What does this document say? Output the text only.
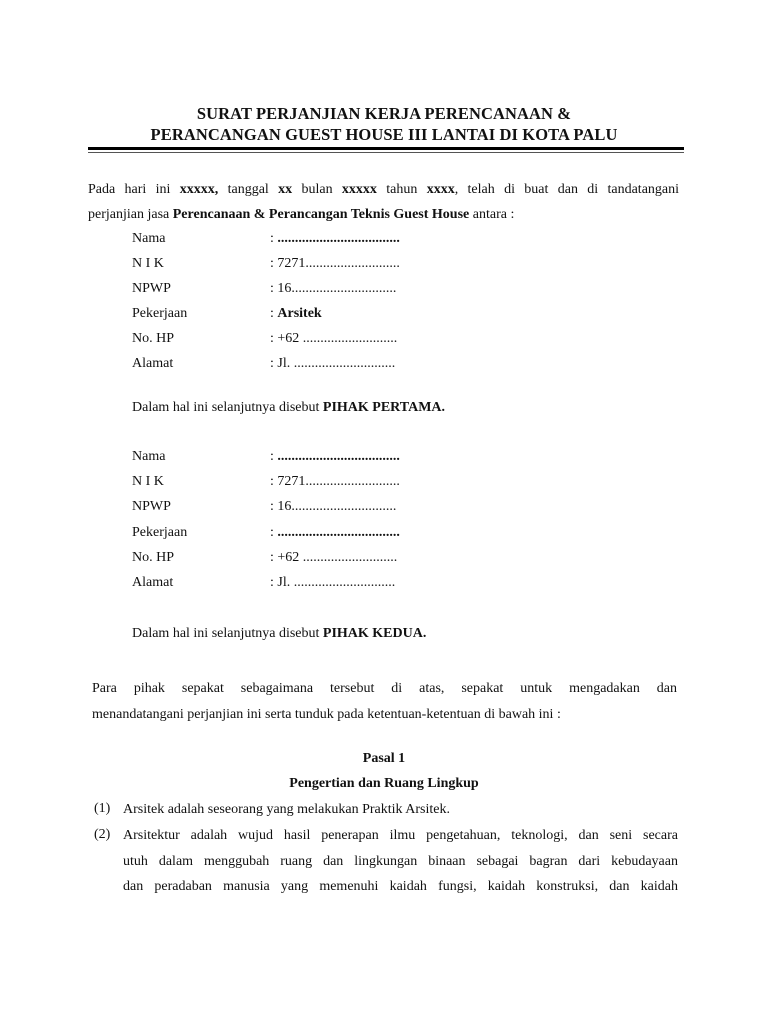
SURAT PERJANJIAN KERJA PERENCANAAN &
PERANCANGAN GUEST HOUSE III LANTAI DI KOTA PALU
Pada hari ini xxxxx, tanggal xx bulan xxxxx tahun xxxx, telah di buat dan di tandatangani
perjanjian jasa Perencanaan & Perancangan Teknis Guest House antara :
Nama	: ...................................
N I K	: 7271...........................
NPWP	: 16..............................
Pekerjaan	: Arsitek
No. HP	: +62 ...........................
Alamat	: Jl. .............................
Dalam hal ini selanjutnya disebut PIHAK PERTAMA.
Nama	: ...................................
N I K	: 7271...........................
NPWP	: 16..............................
Pekerjaan	: ...................................
No. HP	: +62 ...........................
Alamat	: Jl. .............................
Dalam hal ini selanjutnya disebut PIHAK KEDUA.
Para pihak sepakat sebagaimana tersebut di atas, sepakat untuk mengadakan dan
menandatangani perjanjian ini serta tunduk pada ketentuan-ketentuan di bawah ini :
Pasal 1
Pengertian dan Ruang Lingkup
(1) Arsitek adalah seseorang yang melakukan Praktik Arsitek.
(2) Arsitektur adalah wujud hasil penerapan ilmu pengetahuan, teknologi, dan seni secara
utuh dalam menggubah ruang dan lingkungan binaan sebagai bagran dari kebudayaan
dan peradaban manusia yang memenuhi kaidah fungsi, kaidah konstruksi, dan kaidah
